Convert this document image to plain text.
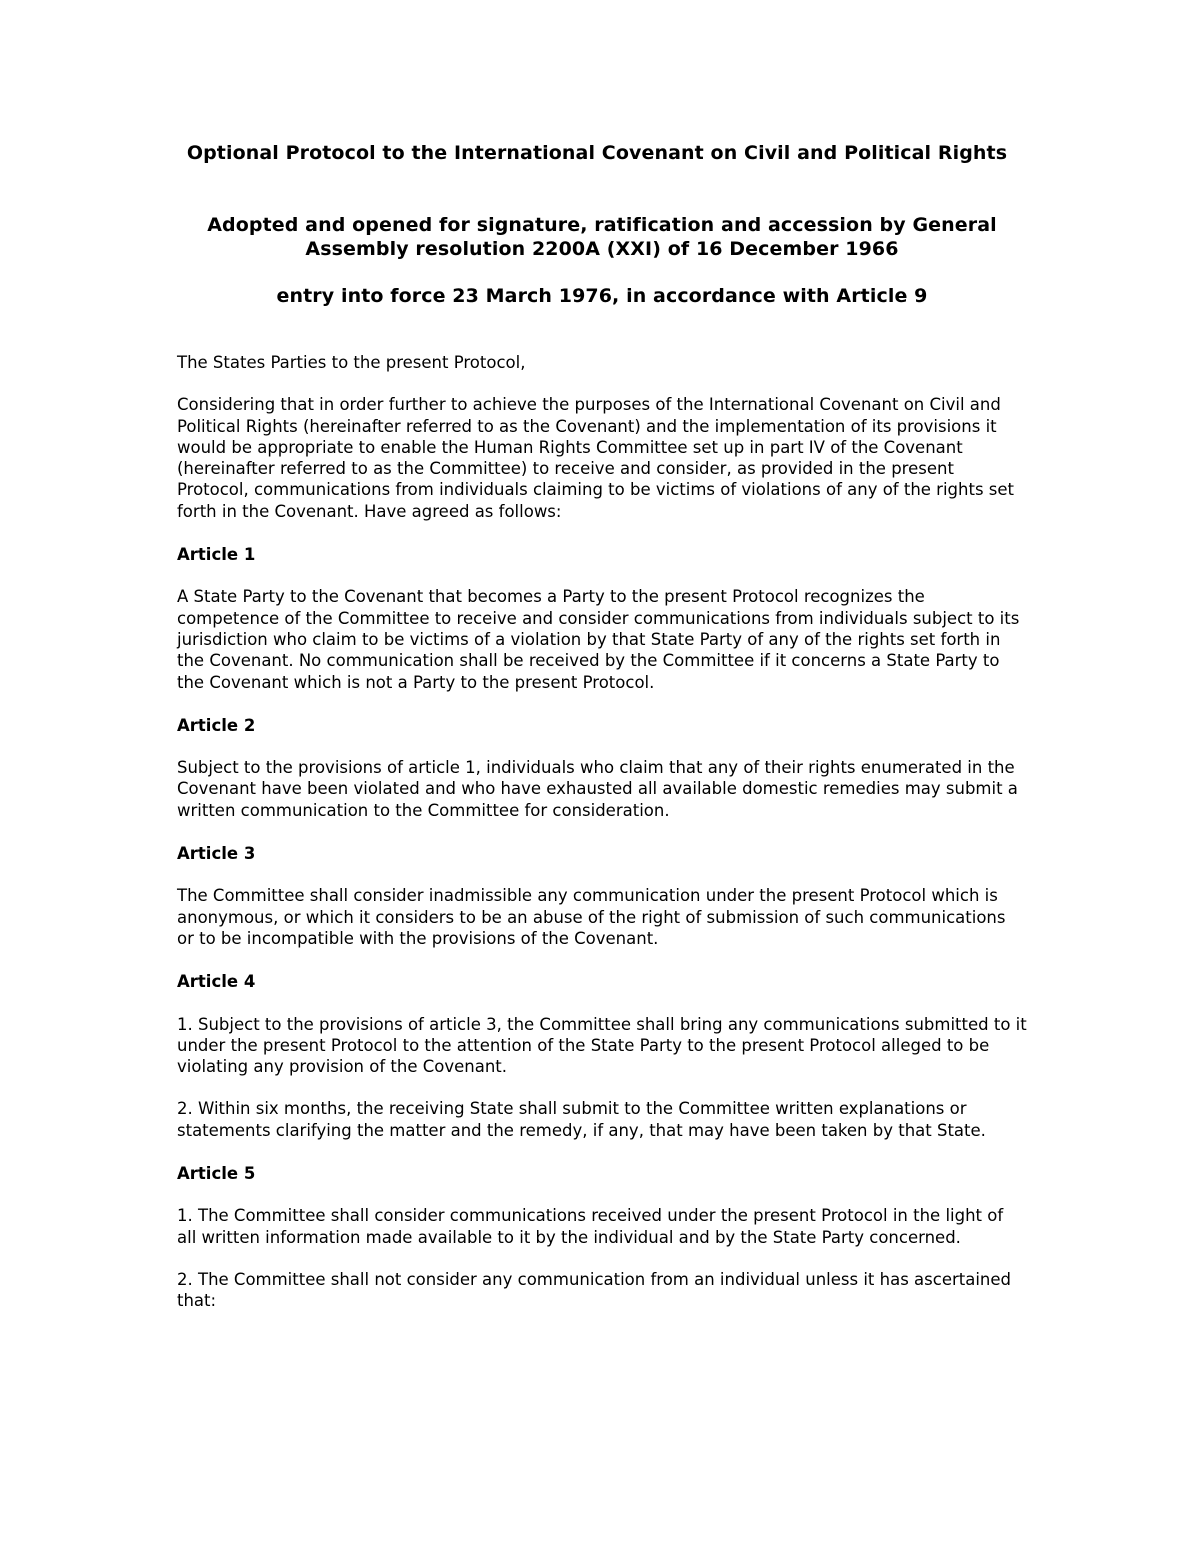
Optional Protocol to the International Covenant on Civil and Political Rights

Adopted and opened for signature, ratification and accession by General Assembly resolution 2200A (XXI) of 16 December 1966

entry into force 23 March 1976, in accordance with Article 9

The States Parties to the present Protocol,

Considering that in order further to achieve the purposes of the International Covenant on Civil and Political Rights (hereinafter referred to as the Covenant) and the implementation of its provisions it would be appropriate to enable the Human Rights Committee set up in part IV of the Covenant (hereinafter referred to as the Committee) to receive and consider, as provided in the present Protocol, communications from individuals claiming to be victims of violations of any of the rights set forth in the Covenant. Have agreed as follows:

Article 1

A State Party to the Covenant that becomes a Party to the present Protocol recognizes the competence of the Committee to receive and consider communications from individuals subject to its jurisdiction who claim to be victims of a violation by that State Party of any of the rights set forth in the Covenant. No communication shall be received by the Committee if it concerns a State Party to the Covenant which is not a Party to the present Protocol.

Article 2

Subject to the provisions of article 1, individuals who claim that any of their rights enumerated in the Covenant have been violated and who have exhausted all available domestic remedies may submit a written communication to the Committee for consideration.

Article 3

The Committee shall consider inadmissible any communication under the present Protocol which is anonymous, or which it considers to be an abuse of the right of submission of such communications or to be incompatible with the provisions of the Covenant.

Article 4

1. Subject to the provisions of article 3, the Committee shall bring any communications submitted to it under the present Protocol to the attention of the State Party to the present Protocol alleged to be violating any provision of the Covenant.

2. Within six months, the receiving State shall submit to the Committee written explanations or statements clarifying the matter and the remedy, if any, that may have been taken by that State.

Article 5

1. The Committee shall consider communications received under the present Protocol in the light of all written information made available to it by the individual and by the State Party concerned.

2. The Committee shall not consider any communication from an individual unless it has ascertained that:
